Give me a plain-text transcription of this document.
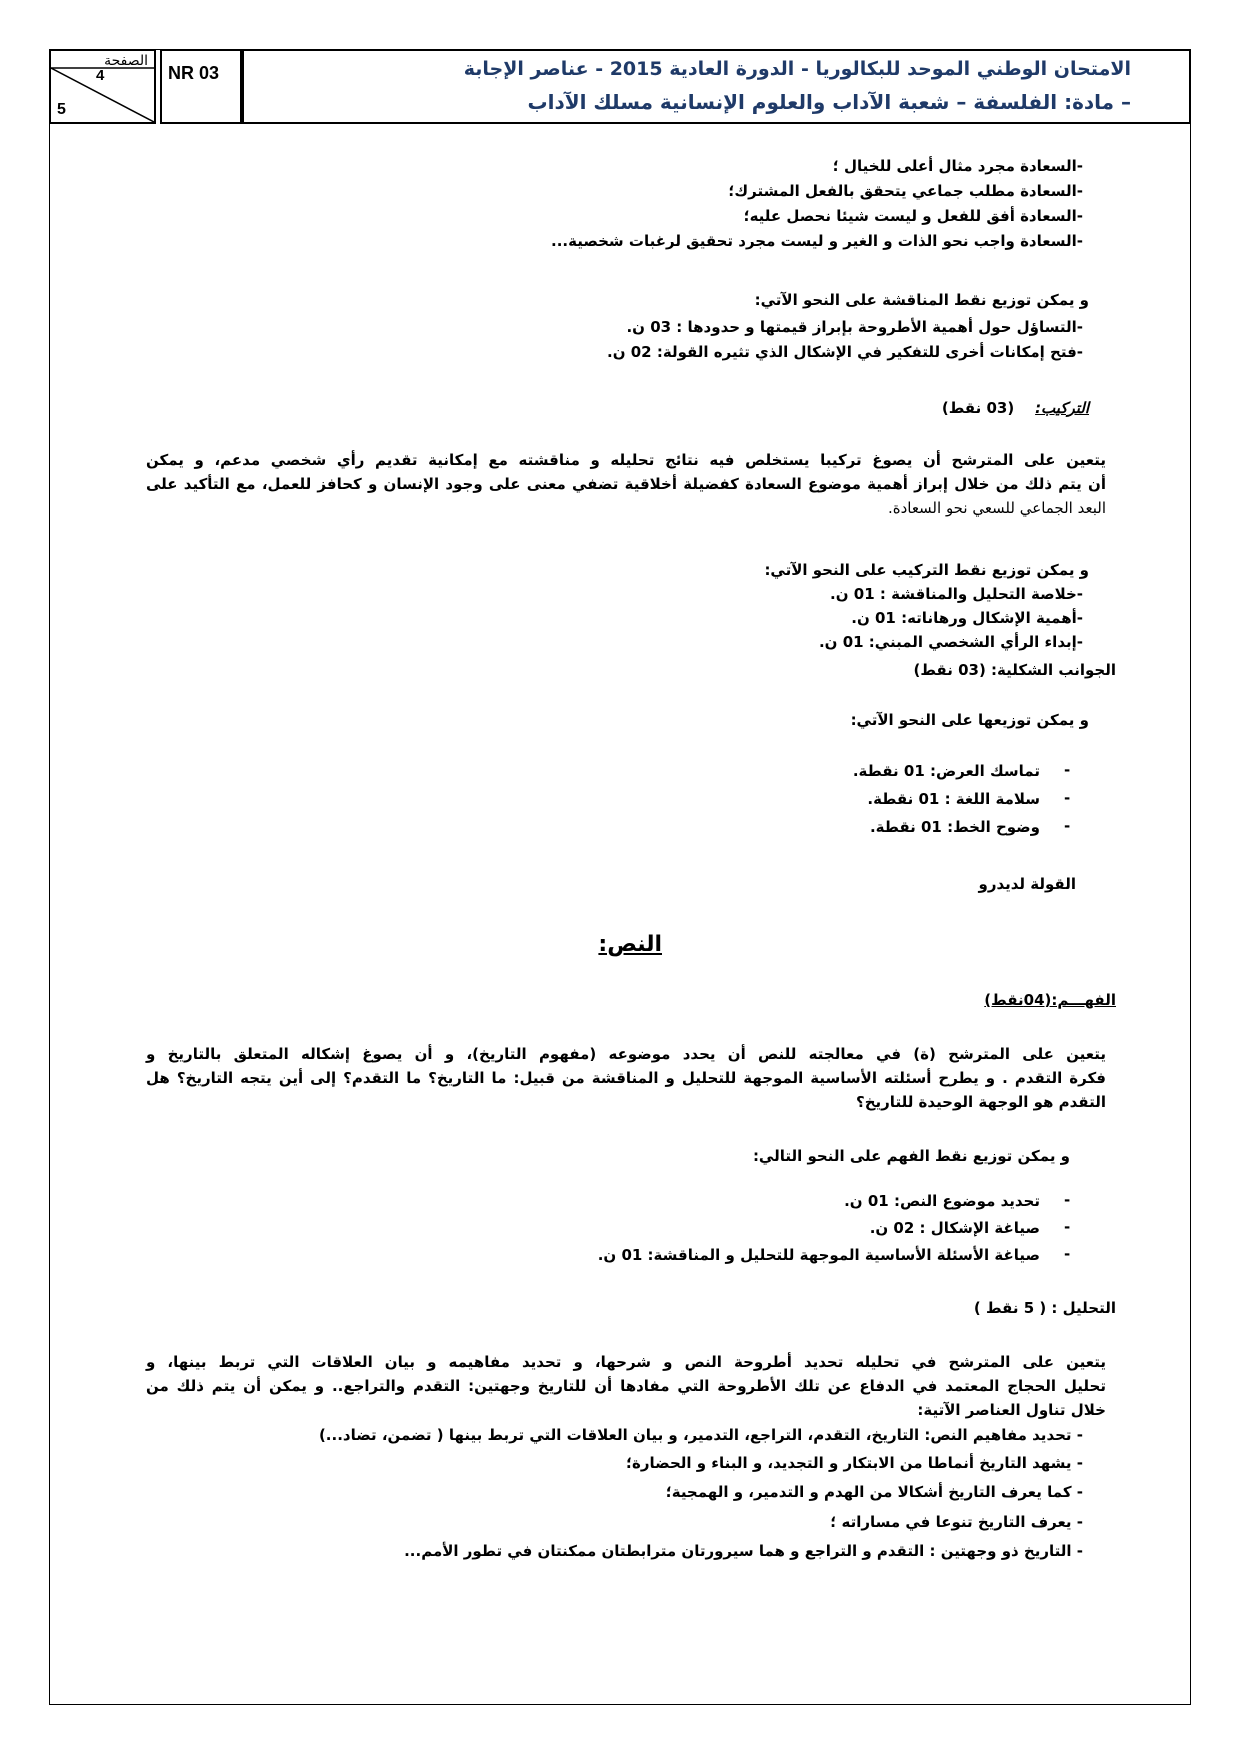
الصفحة
4
5
NR 03	الامتحان الوطني الموحد للبكالوريا - الدورة العادية 2015 - عناصر الإجابة
– مادة: الفلسفة – شعبة الآداب والعلوم الإنسانية مسلك الآداب
-السعادة مجرد مثال أعلى للخيال ؛
-السعادة مطلب جماعي يتحقق بالفعل المشترك؛
-السعادة أفق للفعل و ليست شيئا نحصل عليه؛
-السعادة واجب نحو الذات و الغير و ليست مجرد تحقيق لرغبات شخصية...
و يمكن توزيع نقط المناقشة على النحو الآتي:
-التساؤل حول أهمية الأطروحة بإبراز قيمتها و حدودها : 03 ن.
-فتح إمكانات أخرى للتفكير في الإشكال الذي تثيره القولة: 02 ن.
التركيب:    (03 نقط)
يتعين على المترشح أن يصوغ تركيبا يستخلص فيه نتائج تحليله و مناقشته مع إمكانية تقديم رأي شخصي مدعم، و يمكن
أن يتم ذلك من خلال إبراز أهمية موضوع السعادة كفضيلة أخلاقية تضفي معنى على وجود الإنسان و كحافز للعمل، مع التأكيد على
البعد الجماعي للسعي نحو السعادة.
و يمكن توزيع نقط التركيب على النحو الآتي:
-خلاصة التحليل والمناقشة : 01 ن.
-أهمية الإشكال ورهاناته: 01 ن.
-إبداء الرأي الشخصي المبني: 01 ن.
الجوانب الشكلية: (03 نقط)
و يمكن توزيعها على النحو الآتي:
-
تماسك العرض: 01 نقطة.
-
سلامة اللغة : 01 نقطة.
-
وضوح الخط: 01 نقطة.
القولة لديدرو
النص:
الفهـــم:(04نقط)
يتعين على المترشح (ة) في معالجته للنص أن يحدد موضوعه (مفهوم التاريخ)، و أن يصوغ إشكاله المتعلق بالتاريخ و
فكرة التقدم . و يطرح أسئلته الأساسية الموجهة للتحليل و المناقشة من قبيل: ما التاريخ؟ ما التقدم؟ إلى أين يتجه التاريخ؟ هل
التقدم هو الوجهة الوحيدة للتاريخ؟
و يمكن توزيع نقط الفهم على النحو التالي:
-
تحديد موضوع النص: 01 ن.
-
صياغة الإشكال : 02 ن.
-
صياغة الأسئلة الأساسية الموجهة للتحليل و المناقشة: 01 ن.
التحليل : ( 5 نقط )
يتعين على المترشح في تحليله تحديد أطروحة النص و شرحها، و تحديد مفاهيمه و بيان العلاقات التي تربط بينها، و
تحليل الحجاج المعتمد في الدفاع عن تلك الأطروحة التي مفادها أن للتاريخ وجهتين: التقدم والتراجع.. و يمكن أن يتم ذلك من
خلال تناول العناصر الآتية:
- تحديد مفاهيم النص: التاريخ، التقدم، التراجع، التدمير، و بيان العلاقات التي تربط بينها ( تضمن، تضاد...)
- يشهد التاريخ أنماطا من الابتكار و التجديد، و البناء و الحضارة؛
- كما يعرف التاريخ أشكالا من الهدم و التدمير، و الهمجية؛
- يعرف التاريخ تنوعا في مساراته ؛
- التاريخ ذو وجهتين : التقدم و التراجع و هما سيرورتان مترابطتان ممكنتان في تطور الأمم...
